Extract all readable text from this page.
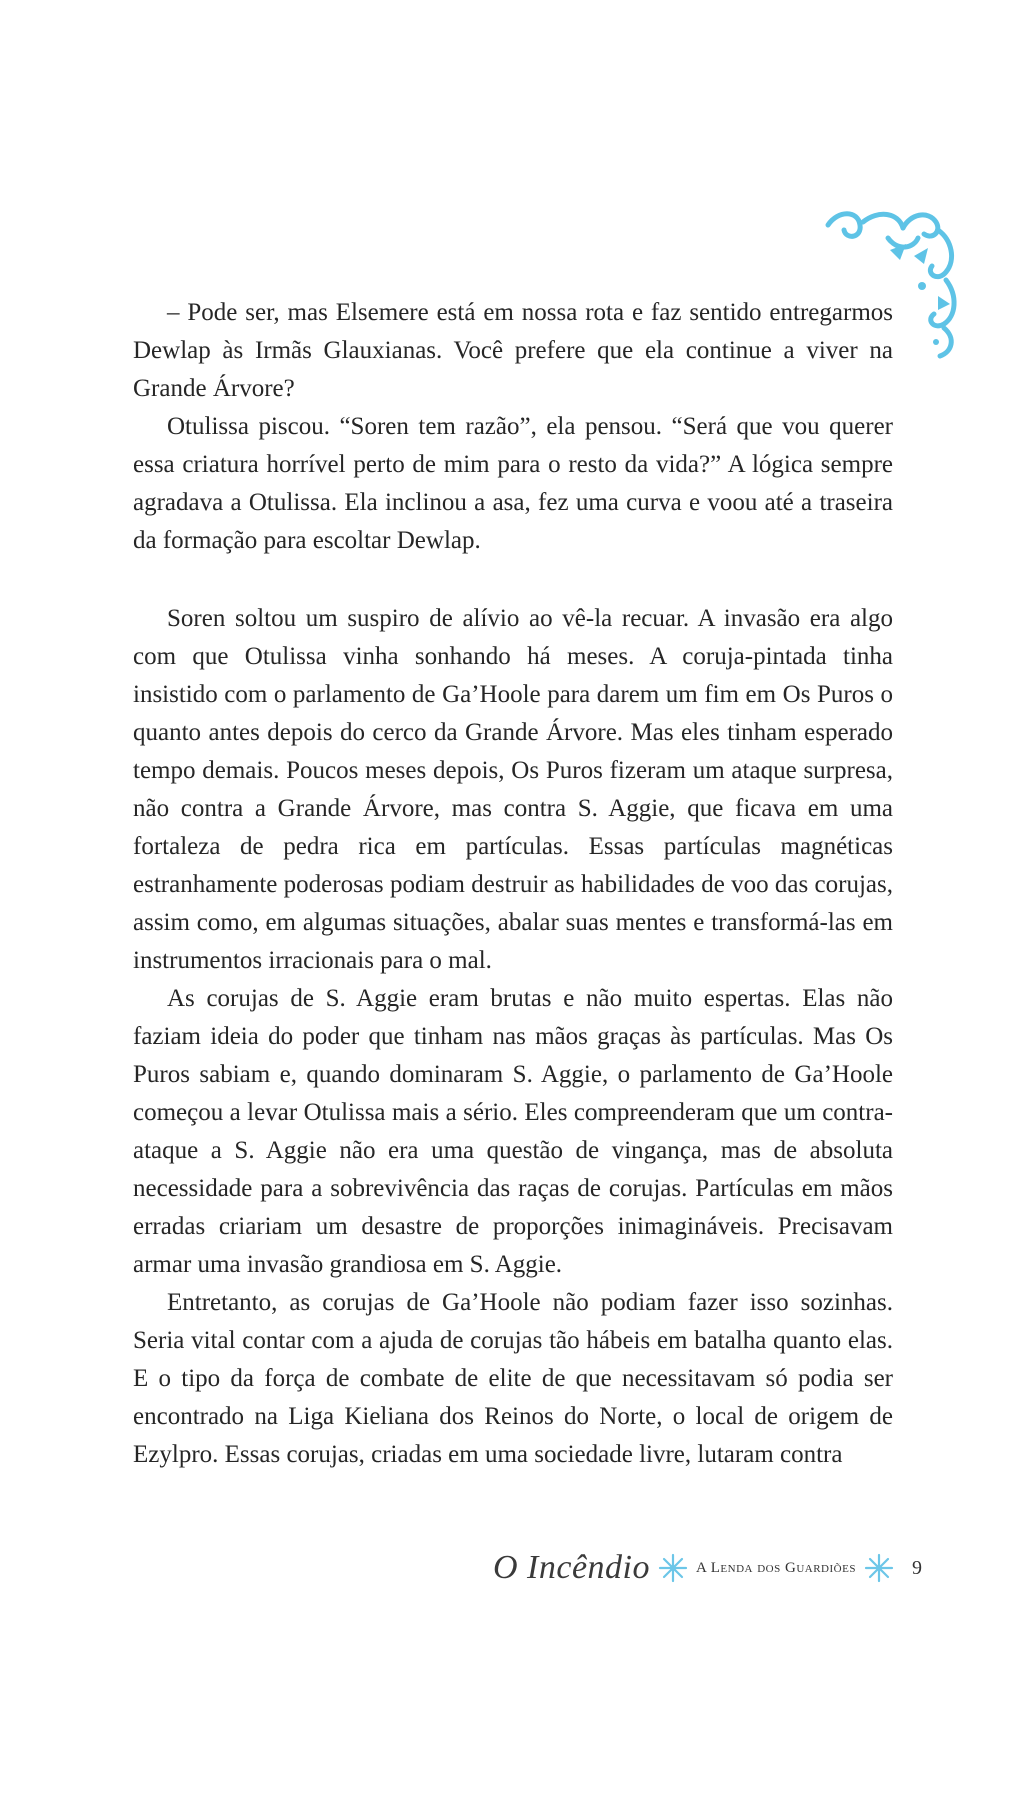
– Pode ser, mas Elsemere está em nossa rota e faz sentido entregarmos Dewlap às Irmãs Glauxianas. Você prefere que ela continue a viver na Grande Árvore?

Otulissa piscou. “Soren tem razão”, ela pensou. “Será que vou querer essa criatura horrível perto de mim para o resto da vida?” A lógica sempre agradava a Otulissa. Ela inclinou a asa, fez uma curva e voou até a traseira da formação para escoltar Dewlap.

Soren soltou um suspiro de alívio ao vê-la recuar. A invasão era algo com que Otulissa vinha sonhando há meses. A coruja-pintada tinha insistido com o parlamento de Ga’Hoole para darem um fim em Os Puros o quanto antes depois do cerco da Grande Árvore. Mas eles tinham esperado tempo demais. Poucos meses depois, Os Puros fizeram um ataque surpresa, não contra a Grande Árvore, mas contra S. Aggie, que ficava em uma fortaleza de pedra rica em partículas. Essas partículas magnéticas estranhamente poderosas podiam destruir as habilidades de voo das corujas, assim como, em algumas situações, abalar suas mentes e transformá-las em instrumentos irracionais para o mal.

As corujas de S. Aggie eram brutas e não muito espertas. Elas não faziam ideia do poder que tinham nas mãos graças às partículas. Mas Os Puros sabiam e, quando dominaram S. Aggie, o parlamento de Ga’Hoole começou a levar Otulissa mais a sério. Eles compreenderam que um contra-ataque a S. Aggie não era uma questão de vingança, mas de absoluta necessidade para a sobrevivência das raças de corujas. Partículas em mãos erradas criariam um desastre de proporções inimagináveis. Precisavam armar uma invasão grandiosa em S. Aggie.

Entretanto, as corujas de Ga’Hoole não podiam fazer isso sozinhas. Seria vital contar com a ajuda de corujas tão hábeis em batalha quanto elas. E o tipo da força de combate de elite de que necessitavam só podia ser encontrado na Liga Kieliana dos Reinos do Norte, o local de origem de Ezylpro. Essas corujas, criadas em uma sociedade livre, lutaram contra

O Incêndio	A Lenda dos Guardiões	9
